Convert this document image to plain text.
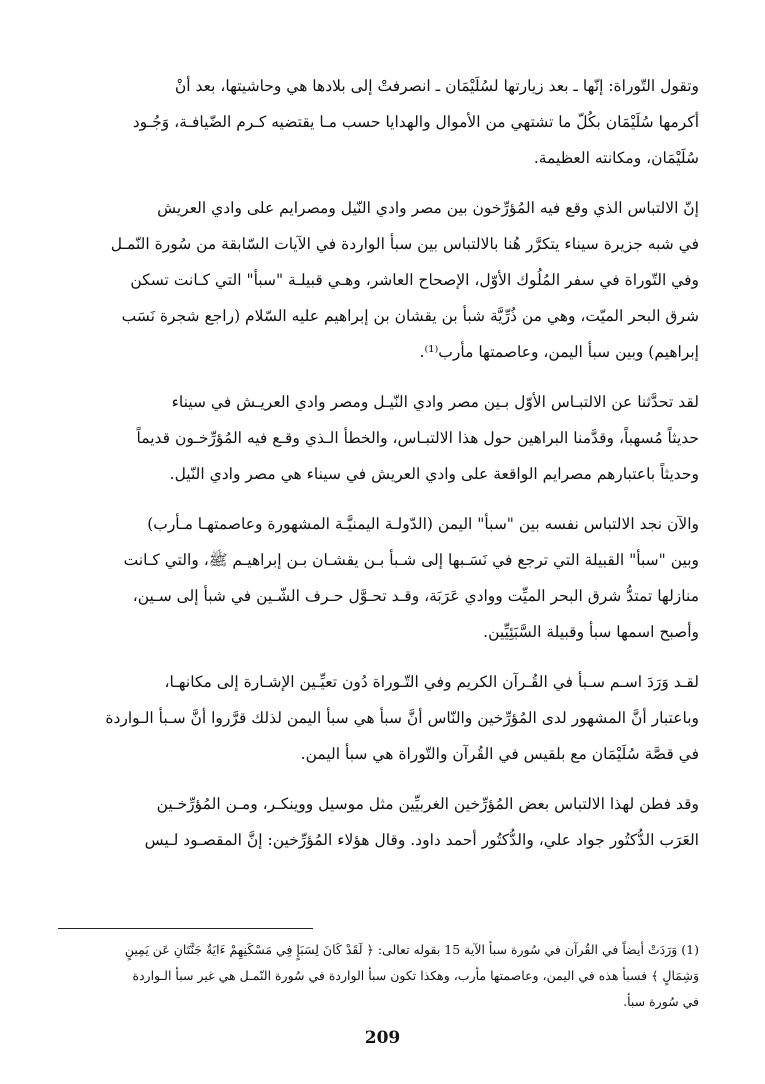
وتقول التّوراة: إنّها ـ بعد زيارتها لسُلَيْمَان ـ انصرفتْ إلى بلادها هي وحاشيتها، بعد أنْ
أكرمها سُلَيْمَان بكُلّ ما تشتهي من الأموال والهدايا حسب مـا يقتضيه كـرم الضّيافـة، وَجُـود
سُلَيْمَان، ومكانته العظيمة.
إنّ الالتباس الذي وقع فيه المُؤرِّخون بين مصر وادي النّيل ومصرايم على وادي العريش
في شبه جزيرة سيناء يتكرَّر هُنا بالالتباس بين سبأ الواردة في الآيات السّابقة من سُورة النّمـل
وفي التّوراة في سفر المُلُوك الأوّل، الإصحاح العاشر، وهـي قبيلـة "سبأ" التي كـانت تسكن
شرق البحر الميّت، وهي من ذُرِّيَّة شبأ بن يقشان بن إبراهيم عليه السّلام (راجع شجرة نَسَب
إبراهيم) وبين سبأ اليمن، وعاصمتها مأرب⁽¹⁾.
لقد تحدَّثنا عن الالتبـاس الأوّل بـين مصر وادي النّيـل ومصر وادي العريـش في سيناء
حديثاً مُسهباً، وقدَّمنا البراهين حول هذا الالتبـاس، والخطأ الـذي وقـع فيه المُؤرِّخـون قديماً
وحديثاً باعتبارهم مصرايم الواقعة على وادي العريش في سيناء هي مصر وادي النّيل.
والآن نجد الالتباس نفسه بين "سبأ" اليمن (الدّولـة اليمنيَّـة المشهورة وعاصمتهـا مـأرب)
وبين "سبأ" القبيلة التي ترجع في نَسَـبها إلى شـبأ بـن يقشـان بـن إبراهيـم ﷺ، والتي كـانت
منازلها تمتدُّ شرق البحر الميِّت ووادي عَرَبَة، وقـد تحـوَّل حـرف الشّـين في شبأ إلى سـين،
وأصبح اسمها سبأ وقبيلة السَّبَئِيِّين.
لقـد وَرَدَ اسـم سـبأ في القُـرآن الكريم وفي التّـوراة دُون تعيِّـين الإشـارة إلى مكانهـا،
وباعتبار أنَّ المشهور لدى المُؤرِّخين والنّاس أنَّ سبأ هي سبأ اليمن لذلك قرَّروا أنَّ سـبأ الـواردة
في قصَّة سُلَيْمَان مع بلقيس في القُرآن والتّوراة هي سبأ اليمن.
وقد فطن لهذا الالتباس بعض المُؤرِّخين الغربيِّين مثل موسيل ووينكـر، ومـن المُؤرِّخـين
العَرَب الدُّكتُور جواد علي، والدُّكتُور أحمد داود. وقال هؤلاء المُؤرِّخين: إنَّ المقصـود لـيس
(1) وَرَدَتْ أيضاً في القُرآن في سُورة سبأ الآية 15 بقوله تعالى: ﴿ لَقَدْ كَانَ لِسَبَإٍ فِي مَسْكَنِهِمْ ءَايَةٌ جَنَّتَانِ عَن يَمِينٍ
وَشِمَالٍ ﴾ فسبأ هذه في اليمن، وعاصمتها مأرب، وهكذا تكون سبأ الواردة في سُورة النّمـل هي غير سبأ الـواردة
في سُورة سبأ.
209
